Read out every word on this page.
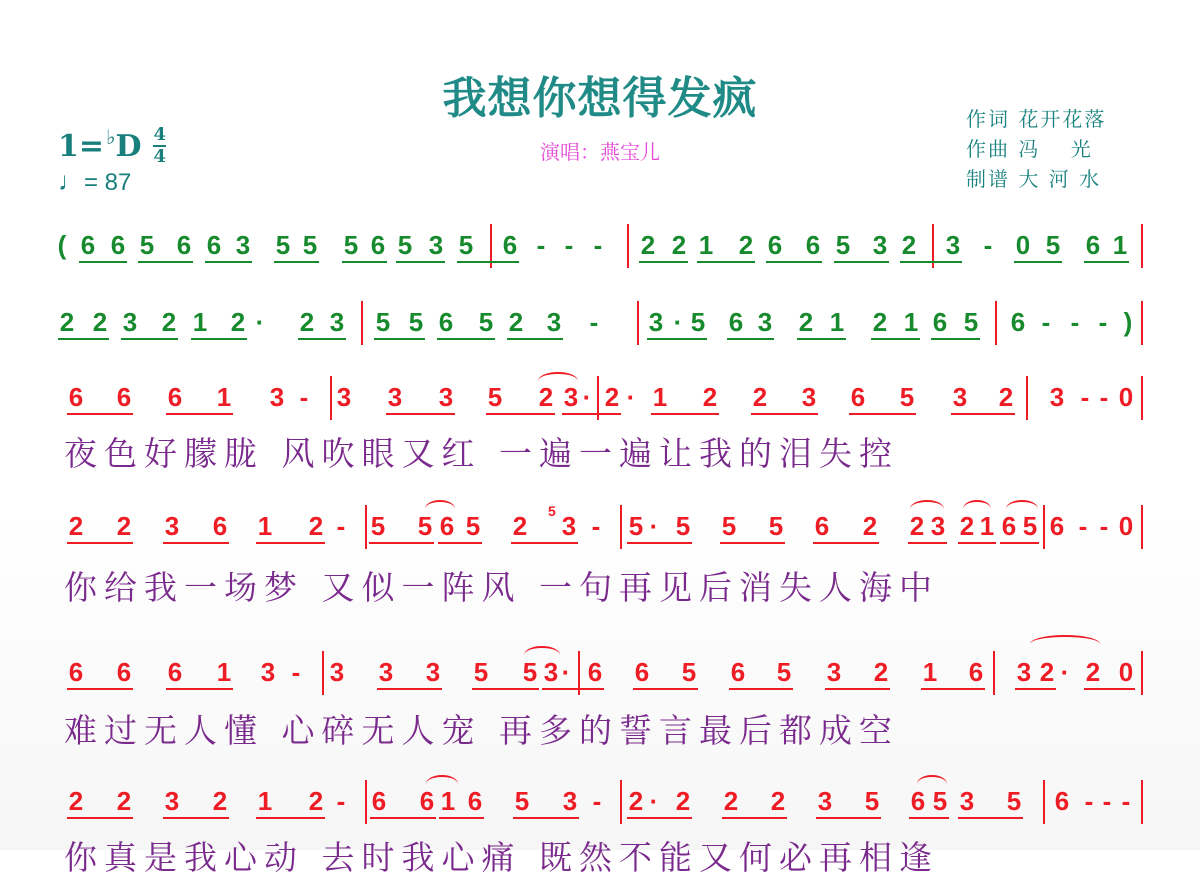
我想你想得发疯
演唱：燕宝儿
作词 花开花落
作曲 冯　 光
制谱 大 河 水
$1= ^♭D \frac{4}{4}$
♩= 87
( 6 6 5 6 6 3 5 5 5 6 5 3 5 6 - - - 2 2 1 2 6 6 5 3 2 3 - 0 5 6 1
2 2 3 2 1 2 · 2 3 5 5 6 5 2 3 - 3 · 5 6 3 2 1 2 1 6 5 6 - - - )
6 6 6 1 3 - 3 3 3 5 2 3 · 2 · 1 2 2 3 6 5 3 2 3 - - 0
2 2 3 6 1 2 - 5 5 6 5 2 3 - 5 · 5 5 5 6 2 2 3 2 1 6 5 6 - - 0
6 6 6 1 3 - 3 3 3 5 5 3 · 6 6 5 6 5 3 2 1 6 3 2 · 2 0
2 2 3 2 1 2 - 6 6 1 6 5 3 - 2 · 2 2 2 3 5 6 5 3 5 6 - - -
夜色好朦胧 风吹眼又红 一遍一遍让我的泪失控
你给我一场梦 又似一阵风 一句再见后消失人海中
难过无人懂 心碎无人宠 再多的誓言最后都成空
你真是我心动 去时我心痛 既然不能又何必再相逢
5
